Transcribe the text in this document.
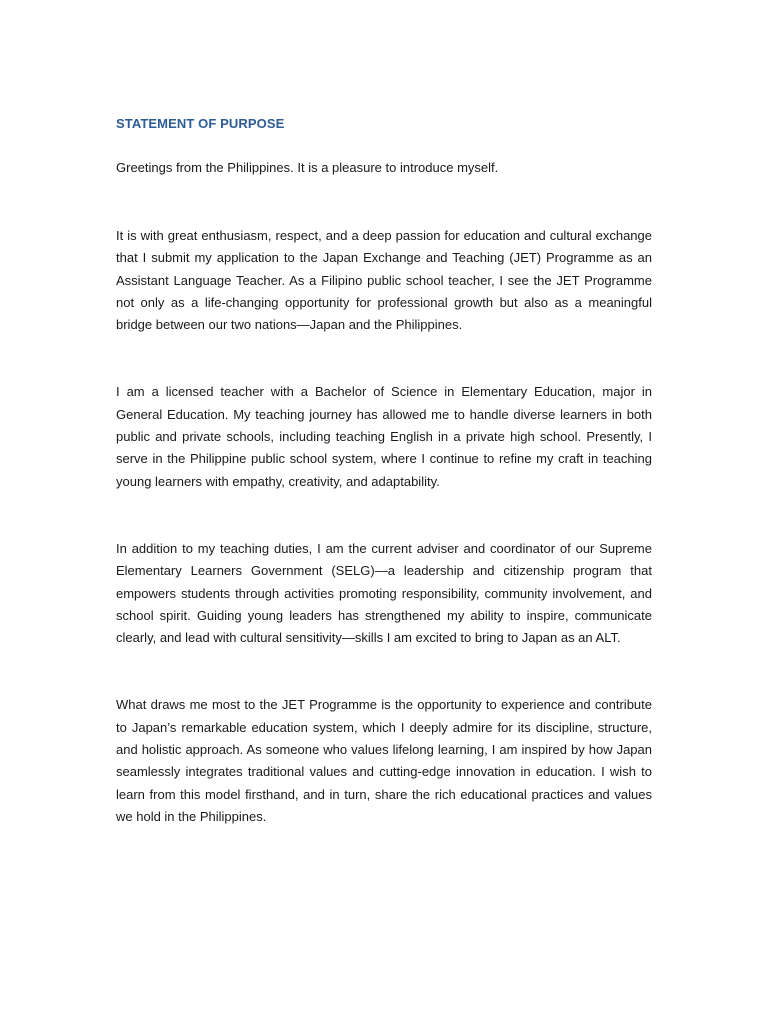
STATEMENT OF PURPOSE

Greetings from the Philippines. It is a pleasure to introduce myself.

It is with great enthusiasm, respect, and a deep passion for education and cultural exchange that I submit my application to the Japan Exchange and Teaching (JET) Programme as an Assistant Language Teacher. As a Filipino public school teacher, I see the JET Programme not only as a life-changing opportunity for professional growth but also as a meaningful bridge between our two nations—Japan and the Philippines.

I am a licensed teacher with a Bachelor of Science in Elementary Education, major in General Education. My teaching journey has allowed me to handle diverse learners in both public and private schools, including teaching English in a private high school. Presently, I serve in the Philippine public school system, where I continue to refine my craft in teaching young learners with empathy, creativity, and adaptability.

In addition to my teaching duties, I am the current adviser and coordinator of our Supreme Elementary Learners Government (SELG)—a leadership and citizenship program that empowers students through activities promoting responsibility, community involvement, and school spirit. Guiding young leaders has strengthened my ability to inspire, communicate clearly, and lead with cultural sensitivity—skills I am excited to bring to Japan as an ALT.

What draws me most to the JET Programme is the opportunity to experience and contribute to Japan’s remarkable education system, which I deeply admire for its discipline, structure, and holistic approach. As someone who values lifelong learning, I am inspired by how Japan seamlessly integrates traditional values and cutting-edge innovation in education. I wish to learn from this model firsthand, and in turn, share the rich educational practices and values we hold in the Philippines.
